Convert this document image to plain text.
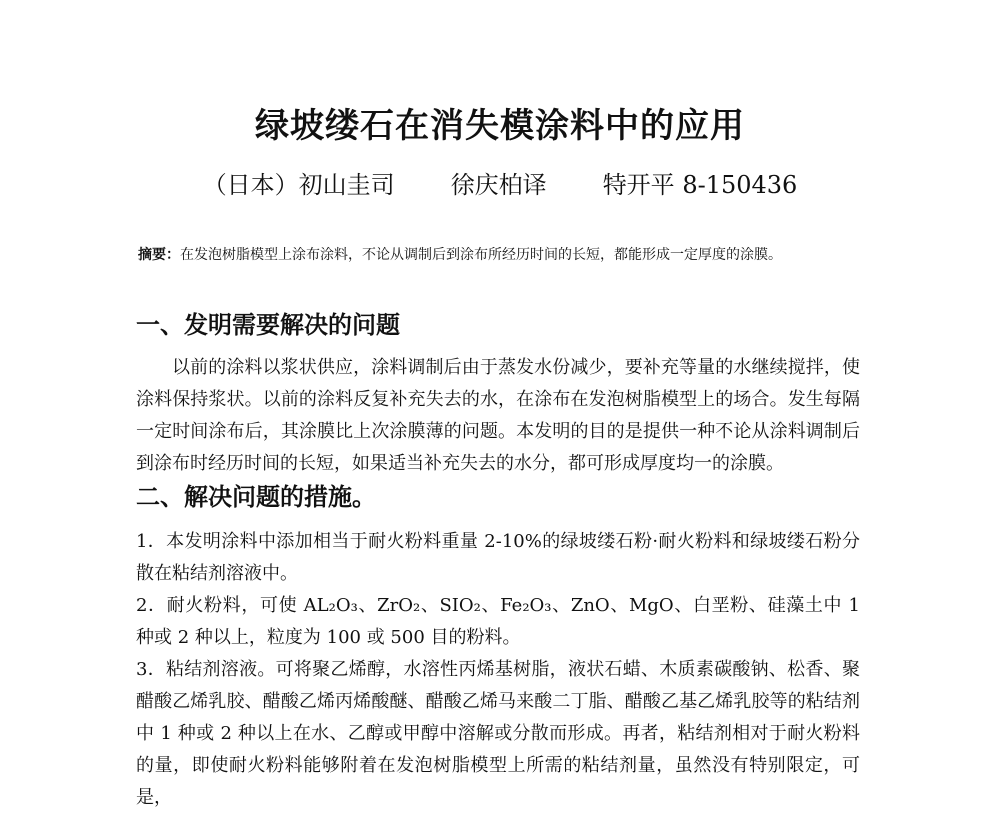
绿坡缕石在消失模涂料中的应用
（日本）初山圭司 徐庆柏译 特开平 8-150436
摘要：在发泡树脂模型上涂布涂料，不论从调制后到涂布所经历时间的长短，都能形成一定厚度的涂膜。
一、发明需要解决的问题

以前的涂料以浆状供应，涂料调制后由于蒸发水份减少，要补充等量的水继续搅拌，使涂料保持浆状。以前的涂料反复补充失去的水，在涂布在发泡树脂模型上的场合。发生每隔一定时间涂布后，其涂膜比上次涂膜薄的问题。本发明的目的是提供一种不论从涂料调制后到涂布时经历时间的长短，如果适当补充失去的水分，都可形成厚度均一的涂膜。

二、解决问题的措施。

1．本发明涂料中添加相当于耐火粉料重量 2-10%的绿坡缕石粉·耐火粉料和绿坡缕石粉分散在粘结剂溶液中。

2．耐火粉料，可使 AL₂O₃、ZrO₂、SIO₂、Fe₂O₃、ZnO、MgO、白垩粉、硅藻土中 1 种或 2 种以上，粒度为 100 或 500 目的粉料。

3．粘结剂溶液。可将聚乙烯醇，水溶性丙烯基树脂，液状石蜡、木质素碳酸钠、松香、聚醋酸乙烯乳胶、醋酸乙烯丙烯酸醚、醋酸乙烯马来酸二丁脂、醋酸乙基乙烯乳胶等的粘结剂中 1 种或 2 种以上在水、乙醇或甲醇中溶解或分散而形成。再者，粘结剂相对于耐火粉料的量，即使耐火粉料能够附着在发泡树脂模型上所需的粘结剂量，虽然没有特别限定，可是，
